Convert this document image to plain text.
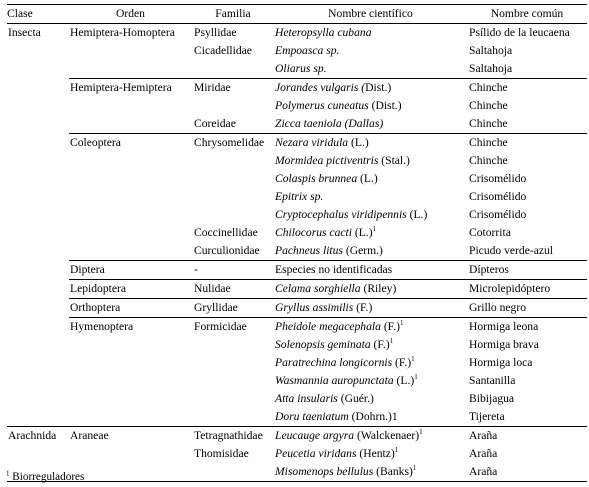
Clase	Orden	Familia	Nombre científico	Nombre común
Insecta	Hemiptera-Homoptera	Psyllidae	Heteropsylla cubana	Psílido de la leucaena
		Cicadellidae	Empoasca sp.	Saltahoja
			Oliarus sp.	Saltahoja
	Hemiptera-Hemiptera	Miridae	Jorandes vulgaris (Dist.)	Chinche
			Polymerus cuneatus (Dist.)	Chinche
		Coreidae	Zicca taeniola (Dallas)	Chinche
	Coleoptera	Chrysomelidae	Nezara viridula (L.)	Chinche
			Mormidea pictiventris (Stal.)	Chinche
			Colaspis brunnea (L.)	Crisomélido
			Epitrix sp.	Crisomélido
			Cryptocephalus viridipennis (L.)	Crisomélido
		Coccinellidae	Chilocorus cacti $(L.)^1$	Cotorrita
		Curculionidae	Pachneus litus (Germ.)	Picudo verde-azul
	Diptera	-	Especies no identificadas	Dípteros
	Lepidoptera	Nulidae	Celama sorghiella (Riley)	Microlepidóptero
	Orthoptera	Gryllidae	Gryllus assimilis (F.)	Grillo negro
	Hymenoptera	Formicidae	Pheidole megacephala $(F.)^1$	Hormiga leona
			Solenopsis geminata $(F.)^1$	Hormiga brava
			Paratrechina longicornis $(F.)^1$	Hormiga loca
			Wasmannia auropunctata $(L.)^1$	Santanilla
			Atta insularis (Guér.)	Bibijagua
			Doru taeniatum (Dohrn.)1	Tijereta
Arachnida	Araneae	Tetragnathidae	Leucauge argyra (Walckenaer)$^1$	Araña
		Thomisidae	Peucetia viridans (Hentz)$^1$	Araña
			Misomenops bellulus (Banks)$^1$	Araña
$^1$ Biorreguladores
